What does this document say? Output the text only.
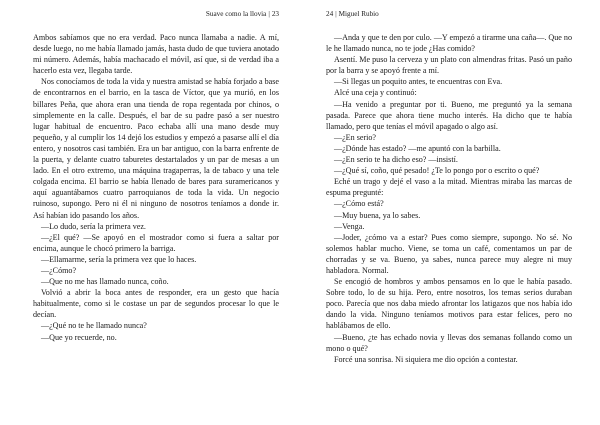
Suave como la llovia | 23

Ambos sabíamos que no era verdad. Paco nunca llamaba a nadie. A mí, desde luego, no me había llamado jamás, hasta dudo de que tuviera anotado mi número. Además, había machacado el móvil, así que, si de verdad iba a hacerlo esta vez, llegaba tarde.

Nos conocíamos de toda la vida y nuestra amistad se había forjado a base de encontrarnos en el barrio, en la tasca de Víctor, que ya murió, en los billares Peña, que ahora eran una tienda de ropa regentada por chinos, o simplemente en la calle. Después, el bar de su padre pasó a ser nuestro lugar habitual de encuentro. Paco echaba allí una mano desde muy pequeño, y al cumplir los 14 dejó los estudios y empezó a pasarse allí el día entero, y nosotros casi también. Era un bar antiguo, con la barra enfrente de la puerta, y delante cuatro taburetes destartalados y un par de mesas a un lado. En el otro extremo, una máquina tragaperras, la de tabaco y una tele colgada encima. El barrio se había llenado de bares para suramericanos y aquí aguantábamos cuatro parroquianos de toda la vida. Un negocio ruinoso, supongo. Pero ni él ni ninguno de nosotros teníamos a donde ir. Así habían ido pasando los años.

—Lo dudo, sería la primera vez.

—¿El qué? —Se apoyó en el mostrador como si fuera a saltar por encima, aunque le chocó primero la barriga.

—Ellamarme, sería la primera vez que lo haces.

—¿Cómo?

—Que no me has llamado nunca, coño.

Volvió a abrir la boca antes de responder, era un gesto que hacía habitualmente, como si le costase un par de segundos procesar lo que le decían.

—¿Qué no te he llamado nunca?

—Que yo recuerde, no.

24 | Miguel Rubio

—Anda y que te den por culo. —Y empezó a tirarme una caña—. Que no le he llamado nunca, no te jode ¿Has comido?

Asentí. Me puso la cerveza y un plato con almendras fritas. Pasó un paño por la barra y se apoyó frente a mí.

—Si llegas un poquito antes, te encuentras con Eva.

Alcé una ceja y continuó:

—Ha venido a preguntar por ti. Bueno, me preguntó ya la semana pasada. Parece que ahora tiene mucho interés. Ha dicho que te había llamado, pero que tenías el móvil apagado o algo así.

—¿En serio?

—¿Dónde has estado? —me apuntó con la barbilla.

—¿En serio te ha dicho eso? —insistí.

—¿Qué sí, coño, qué pesado! ¿Te lo pongo por o escrito o qué?

Eché un trago y dejé el vaso a la mitad. Mientras miraba las marcas de espuma pregunté:

—¿Cómo está?

—Muy buena, ya lo sabes.

—Venga.

—Joder, ¿cómo va a estar? Pues como siempre, supongo. No sé. No solemos hablar mucho. Viene, se toma un café, comentamos un par de chorradas y se va. Bueno, ya sabes, nunca parece muy alegre ni muy habladora. Normal.

Se encogió de hombros y ambos pensamos en lo que le había pasado. Sobre todo, lo de su hija. Pero, entre nosotros, los temas serios duraban poco. Parecía que nos daba miedo afrontar los latigazos que nos había ido dando la vida. Ninguno teníamos motivos para estar felices, pero no hablábamos de ello.

—Bueno, ¿te has echado novia y llevas dos semanas follando como un mono o qué?

Forcé una sonrisa. Ni siquiera me dio opción a contestar.
